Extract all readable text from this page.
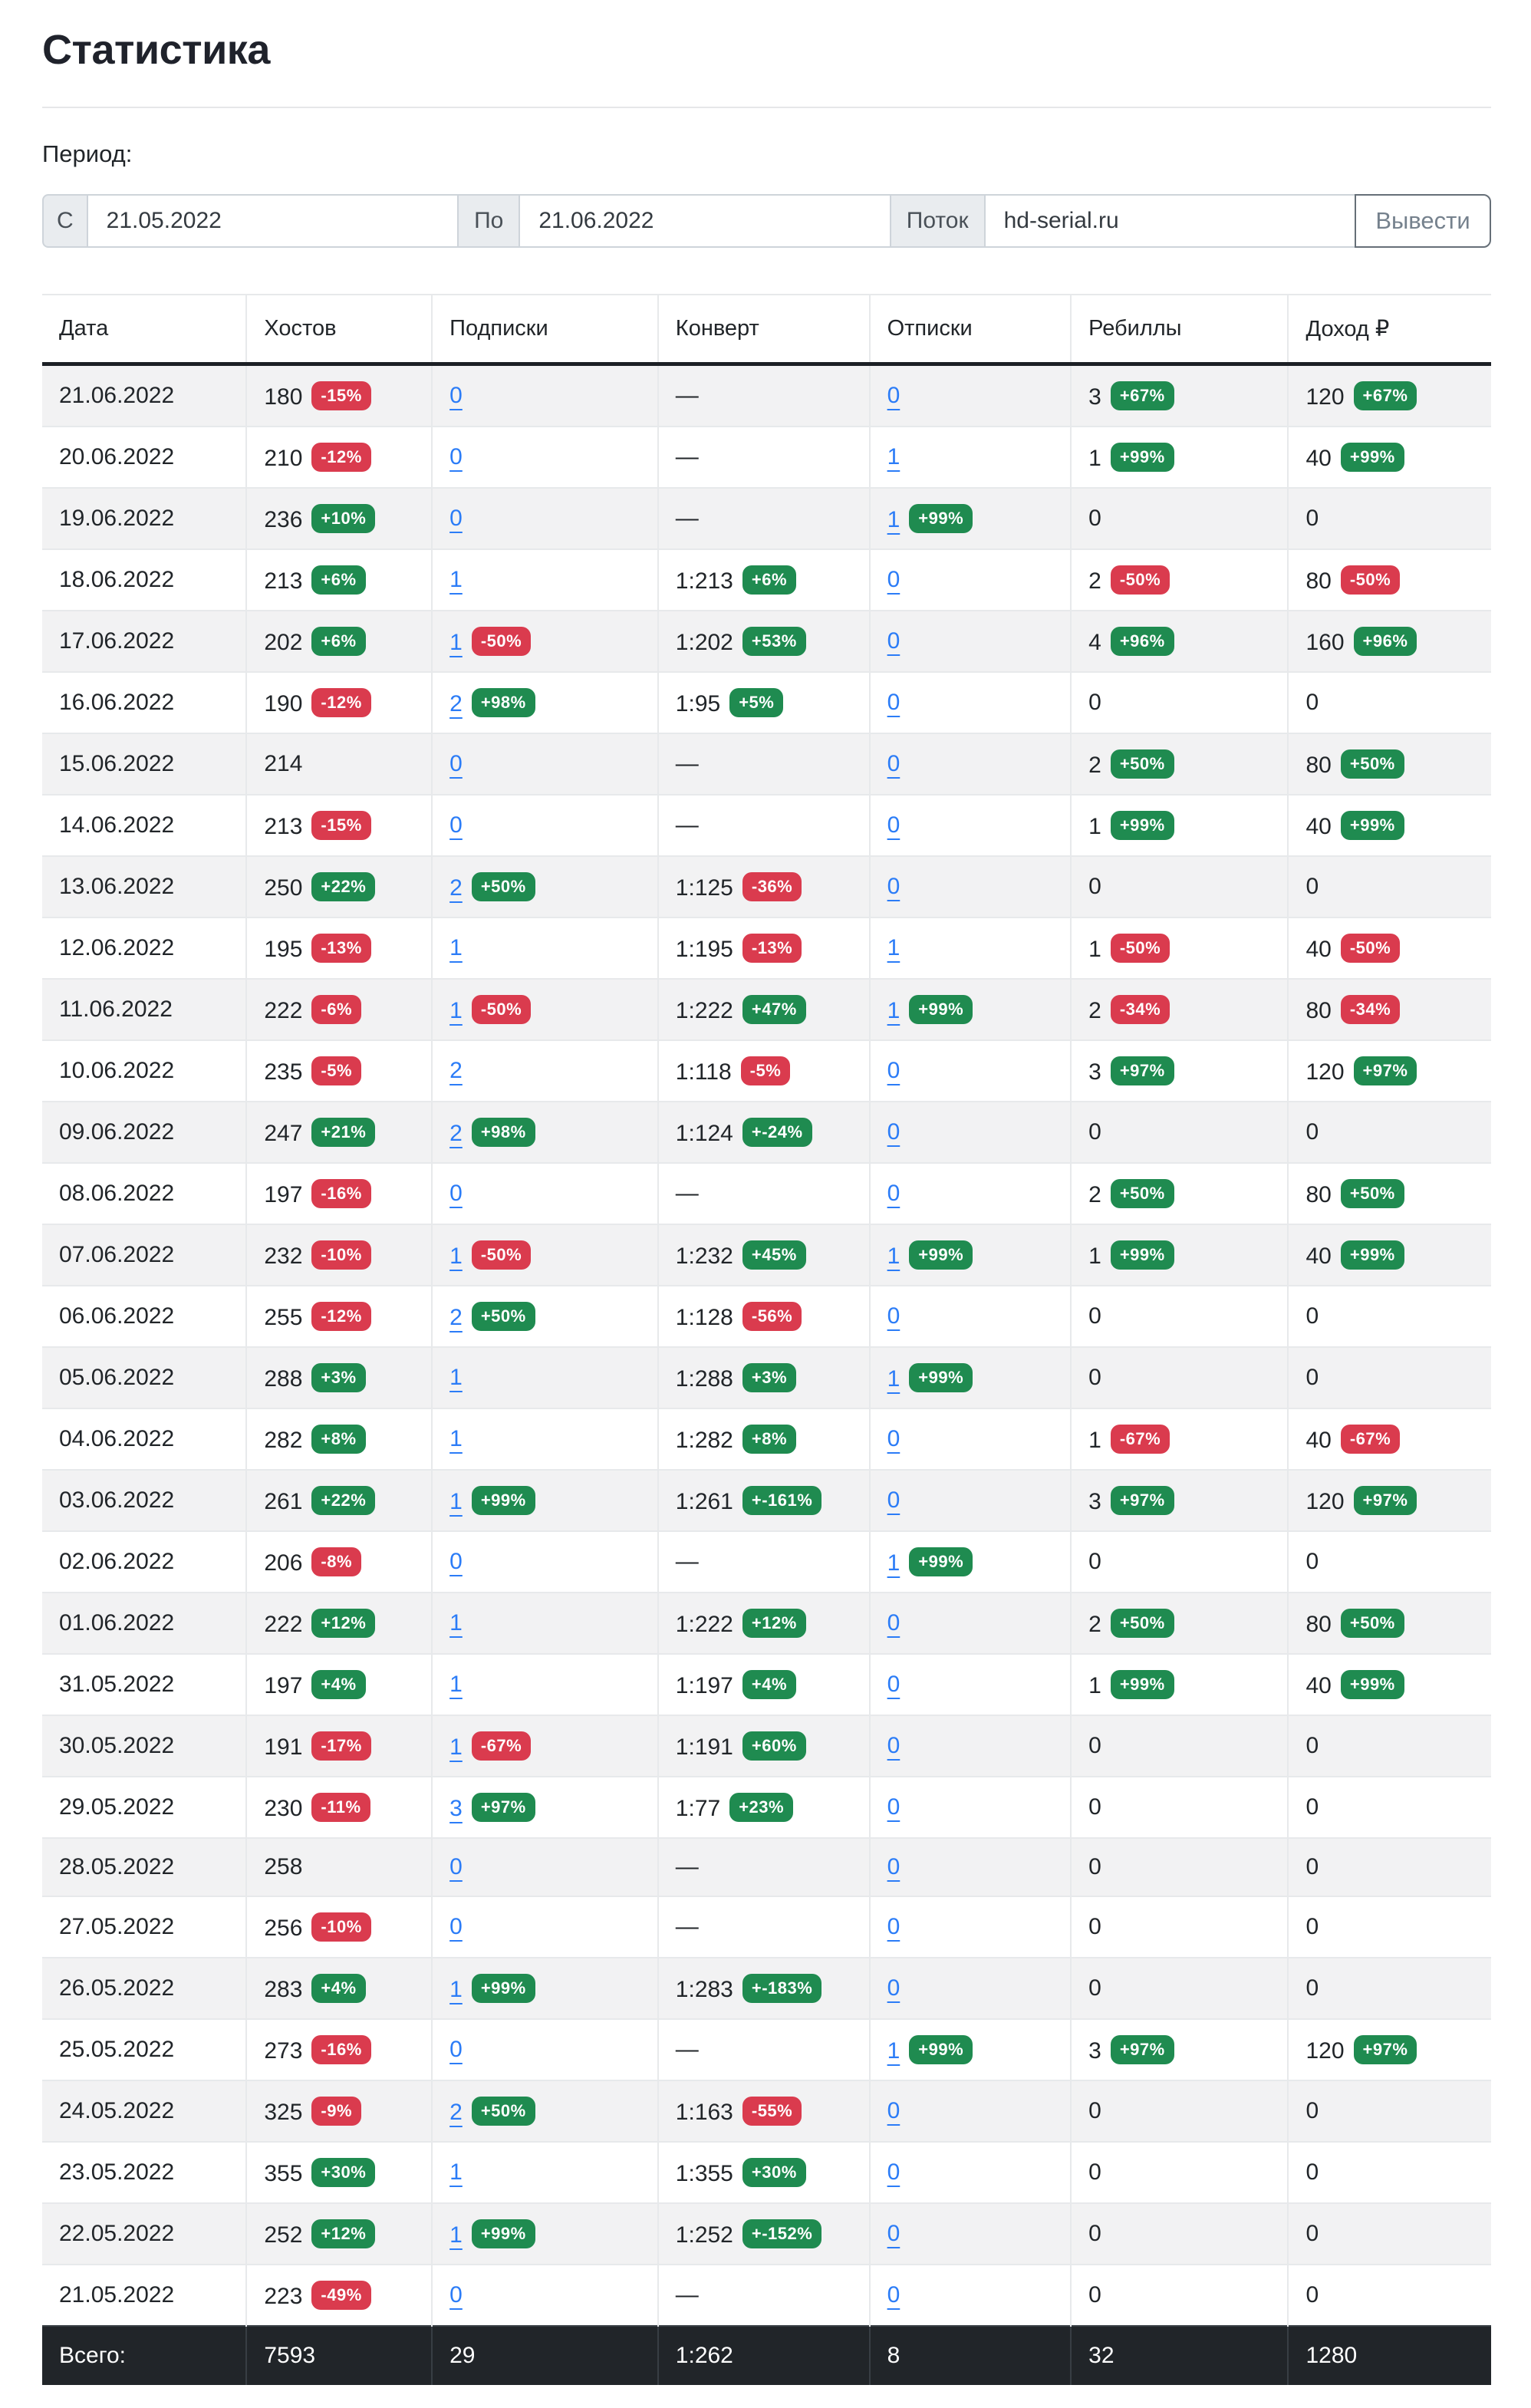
Статистика
Период:
С
21.05.2022	По
21.06.2022	Поток
hd-serial.ru	Вывести
Дата	Хостов	Подписки	Конверт	Отписки	Ребиллы	Доход ₽
21.06.2022	180 -15%	0	—	0	3 +67%	120 +67%
20.06.2022	210 -12%	0	—	1	1 +99%	40 +99%
19.06.2022	236 +10%	0	—	1 +99%	0	0
18.06.2022	213 +6%	1	1:213 +6%	0	2 -50%	80 -50%
17.06.2022	202 +6%	1 -50%	1:202 +53%	0	4 +96%	160 +96%
16.06.2022	190 -12%	2 +98%	1:95 +5%	0	0	0
15.06.2022	214	0	—	0	2 +50%	80 +50%
14.06.2022	213 -15%	0	—	0	1 +99%	40 +99%
13.06.2022	250 +22%	2 +50%	1:125 -36%	0	0	0
12.06.2022	195 -13%	1	1:195 -13%	1	1 -50%	40 -50%
11.06.2022	222 -6%	1 -50%	1:222 +47%	1 +99%	2 -34%	80 -34%
10.06.2022	235 -5%	2	1:118 -5%	0	3 +97%	120 +97%
09.06.2022	247 +21%	2 +98%	1:124 +-24%	0	0	0
08.06.2022	197 -16%	0	—	0	2 +50%	80 +50%
07.06.2022	232 -10%	1 -50%	1:232 +45%	1 +99%	1 +99%	40 +99%
06.06.2022	255 -12%	2 +50%	1:128 -56%	0	0	0
05.06.2022	288 +3%	1	1:288 +3%	1 +99%	0	0
04.06.2022	282 +8%	1	1:282 +8%	0	1 -67%	40 -67%
03.06.2022	261 +22%	1 +99%	1:261 +-161%	0	3 +97%	120 +97%
02.06.2022	206 -8%	0	—	1 +99%	0	0
01.06.2022	222 +12%	1	1:222 +12%	0	2 +50%	80 +50%
31.05.2022	197 +4%	1	1:197 +4%	0	1 +99%	40 +99%
30.05.2022	191 -17%	1 -67%	1:191 +60%	0	0	0
29.05.2022	230 -11%	3 +97%	1:77 +23%	0	0	0
28.05.2022	258	0	—	0	0	0
27.05.2022	256 -10%	0	—	0	0	0
26.05.2022	283 +4%	1 +99%	1:283 +-183%	0	0	0
25.05.2022	273 -16%	0	—	1 +99%	3 +97%	120 +97%
24.05.2022	325 -9%	2 +50%	1:163 -55%	0	0	0
23.05.2022	355 +30%	1	1:355 +30%	0	0	0
22.05.2022	252 +12%	1 +99%	1:252 +-152%	0	0	0
21.05.2022	223 -49%	0	—	0	0	0
Всего:	7593	29	1:262	8	32	1280
